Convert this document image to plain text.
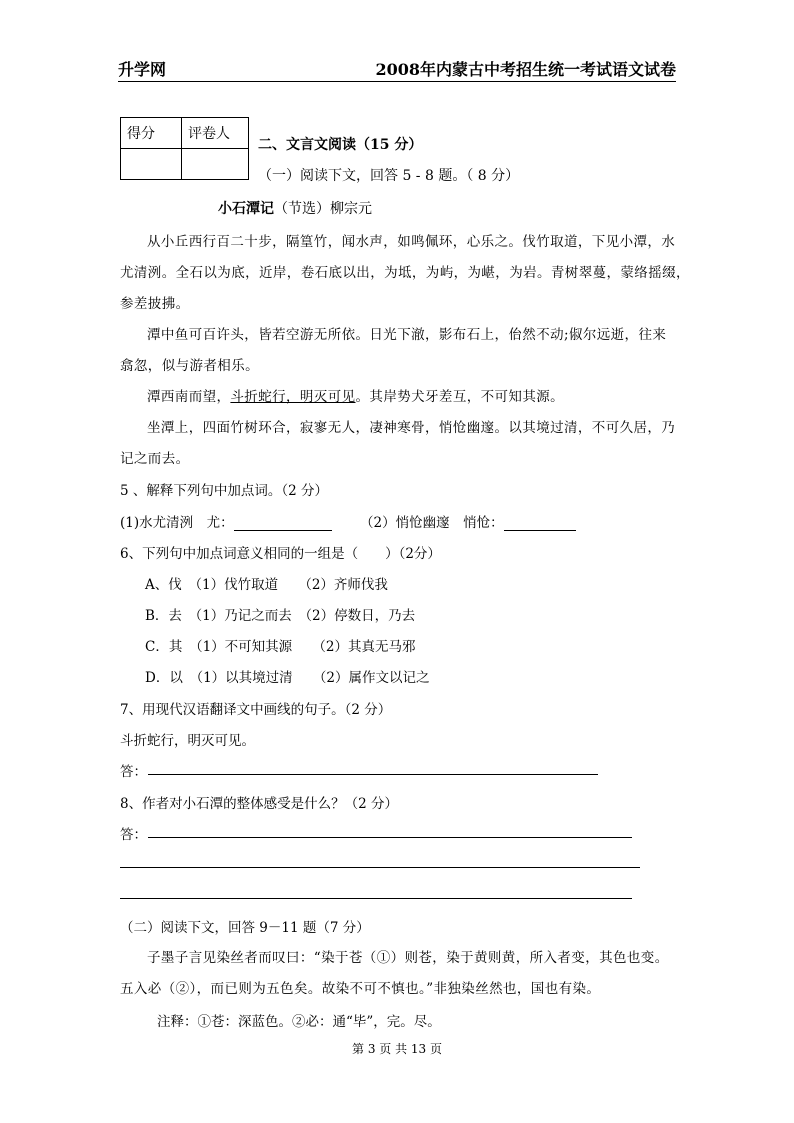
升学网	2008年内蒙古中考招生统一考试语文试卷
得分	评卷人

二、文言文阅读（15 分）
（一）阅读下文，回答 5 - 8 题。（ 8 分）
小石潭记（节选）柳宗元
从小丘西行百二十步，隔篁竹，闻水声，如鸣佩环，心乐之。伐竹取道，下见小潭，水
尤清洌。全石以为底，近岸，卷石底以出，为坻，为屿，为嵁，为岩。青树翠蔓，蒙络摇缀，
参差披拂。
潭中鱼可百许头，皆若空游无所依。日光下澈，影布石上，佁然不动;俶尔远逝，往来
翕忽，似与游者相乐。
潭西南而望，斗折蛇行，明灭可见。其岸势犬牙差互，不可知其源。
坐潭上，四面竹树环合，寂寥无人，凄神寒骨，悄怆幽邃。以其境过清，不可久居，乃
记之而去。
5 、解释下列句中加点词。（2 分）
(1)水尤清洌　尤：	（2）悄怆幽邃　悄怆：
6、下列句中加点词意义相同的一组是（　　）（2分）
A、伐　（1）伐竹取道　　（2）齐师伐我
B．去　（1）乃记之而去　（2）停数日，乃去
C．其　（1）不可知其源　　（2）其真无马邪
D．以　（1）以其境过清　　（2）属作文以记之
7、用现代汉语翻译文中画线的句子。（2 分）
斗折蛇行，明灭可见。
答：
8、作者对小石潭的整体感受是什么？（2 分）
答：
（二）阅读下文，回答 9－11 题（7 分）
子墨子言见染丝者而叹曰：“染于苍（①）则苍，染于黄则黄，所入者变，其色也变。
五入必（②），而已则为五色矣。故染不可不慎也。”非独染丝然也，国也有染。
注释：①苍：深蓝色。②必：通“毕”，完。尽。
第 3 页 共 13 页
